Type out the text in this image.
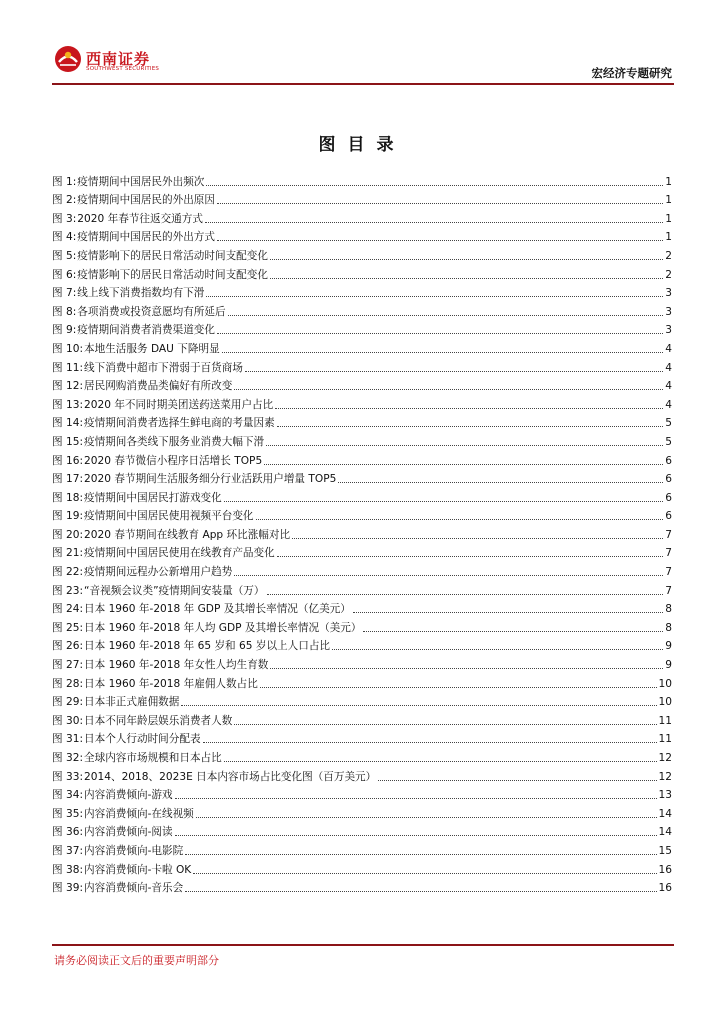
西南证券
SOUTHWEST SECURITIES	宏经济专题研究
图目录
图 1: 疫情期间中国居民外出频次	1
图 2: 疫情期间中国居民的外出原因	1
图 3: 2020 年春节往返交通方式	1
图 4: 疫情期间中国居民的外出方式	1
图 5: 疫情影响下的居民日常活动时间支配变化	2
图 6: 疫情影响下的居民日常活动时间支配变化	2
图 7: 线上线下消费指数均有下滑	3
图 8: 各项消费或投资意愿均有所延后	3
图 9: 疫情期间消费者消费渠道变化	3
图 10: 本地生活服务 DAU 下降明显	4
图 11: 线下消费中超市下滑弱于百货商场	4
图 12: 居民网购消费品类偏好有所改变	4
图 13: 2020 年不同时期美团送药送菜用户占比	4
图 14: 疫情期间消费者选择生鲜电商的考量因素	5
图 15: 疫情期间各类线下服务业消费大幅下滑	5
图 16: 2020 春节微信小程序日活增长 TOP5	6
图 17: 2020 春节期间生活服务细分行业活跃用户增量 TOP5	6
图 18: 疫情期间中国居民打游戏变化	6
图 19: 疫情期间中国居民使用视频平台变化	6
图 20: 2020 春节期间在线教育 App 环比涨幅对比	7
图 21: 疫情期间中国居民使用在线教育产品变化	7
图 22: 疫情期间远程办公新增用户趋势	7
图 23: “音视频会议类”疫情期间安装量（万）	7
图 24: 日本 1960 年-2018 年 GDP 及其增长率情况（亿美元）	8
图 25: 日本 1960 年-2018 年人均 GDP 及其增长率情况（美元）	8
图 26: 日本 1960 年-2018 年 65 岁和 65 岁以上人口占比	9
图 27: 日本 1960 年-2018 年女性人均生育数	9
图 28: 日本 1960 年-2018 年雇佣人数占比	10
图 29: 日本非正式雇佣数据	10
图 30: 日本不同年龄层娱乐消费者人数	11
图 31: 日本个人行动时间分配表	11
图 32: 全球内容市场规模和日本占比	12
图 33: 2014、2018、2023E 日本内容市场占比变化图（百万美元）	12
图 34: 内容消费倾向-游戏	13
图 35: 内容消费倾向-在线视频	14
图 36: 内容消费倾向-阅读	14
图 37: 内容消费倾向-电影院	15
图 38: 内容消费倾向-卡啦 OK	16
图 39: 内容消费倾向-音乐会	16
请务必阅读正文后的重要声明部分
